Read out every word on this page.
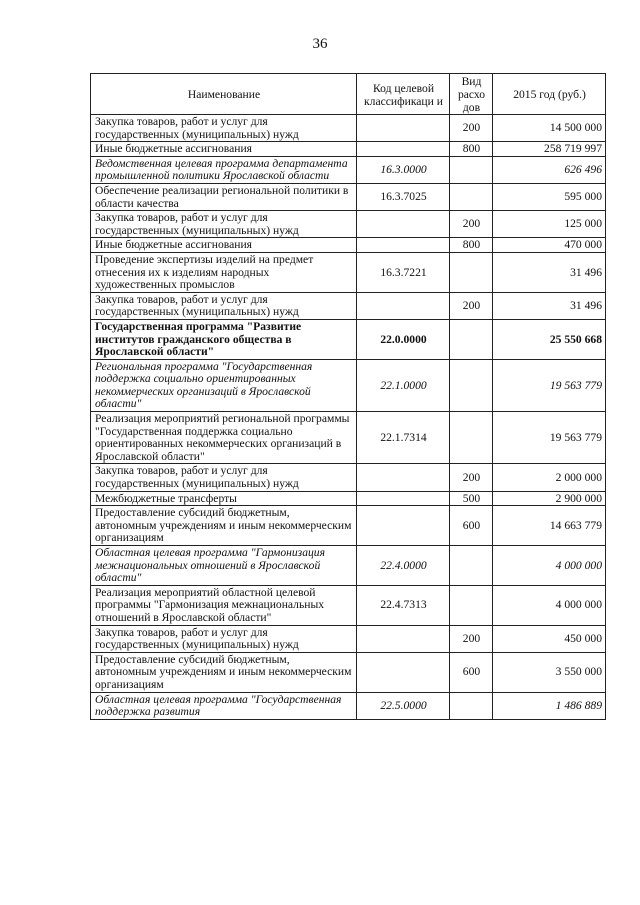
36
Наименование	Код целевой классификаци и	Вид расхо дов	2015 год (руб.)
Закупка товаров, работ и услуг для государственных (муниципальных) нужд		200	14 500 000
Иные бюджетные ассигнования		800	258 719 997
Ведомственная целевая программа департамента промышленной политики Ярославской области	16.3.0000		626 496
Обеспечение реализации региональной политики в области качества	16.3.7025		595 000
Закупка товаров, работ и услуг для государственных (муниципальных) нужд		200	125 000
Иные бюджетные ассигнования		800	470 000
Проведение экспертизы изделий на предмет отнесения их к изделиям народных художественных промыслов	16.3.7221		31 496
Закупка товаров, работ и услуг для государственных (муниципальных) нужд		200	31 496
Государственная программа "Развитие институтов гражданского общества в Ярославской области"	22.0.0000		25 550 668
Региональная программа "Государственная поддержка социально ориентированных некоммерческих организаций в Ярославской области"	22.1.0000		19 563 779
Реализация мероприятий региональной программы "Государственная поддержка социально ориентированных некоммерческих организаций в Ярославской области"	22.1.7314		19 563 779
Закупка товаров, работ и услуг для государственных (муниципальных) нужд		200	2 000 000
Межбюджетные трансферты		500	2 900 000
Предоставление субсидий бюджетным, автономным учреждениям и иным некоммерческим организациям		600	14 663 779
Областная целевая программа "Гармонизация межнациональных отношений в Ярославской области"	22.4.0000		4 000 000
Реализация мероприятий областной целевой программы "Гармонизация межнациональных отношений в Ярославской области"	22.4.7313		4 000 000
Закупка товаров, работ и услуг для государственных (муниципальных) нужд		200	450 000
Предоставление субсидий бюджетным, автономным учреждениям и иным некоммерческим организациям		600	3 550 000
Областная целевая программа "Государственная поддержка развития	22.5.0000		1 486 889
